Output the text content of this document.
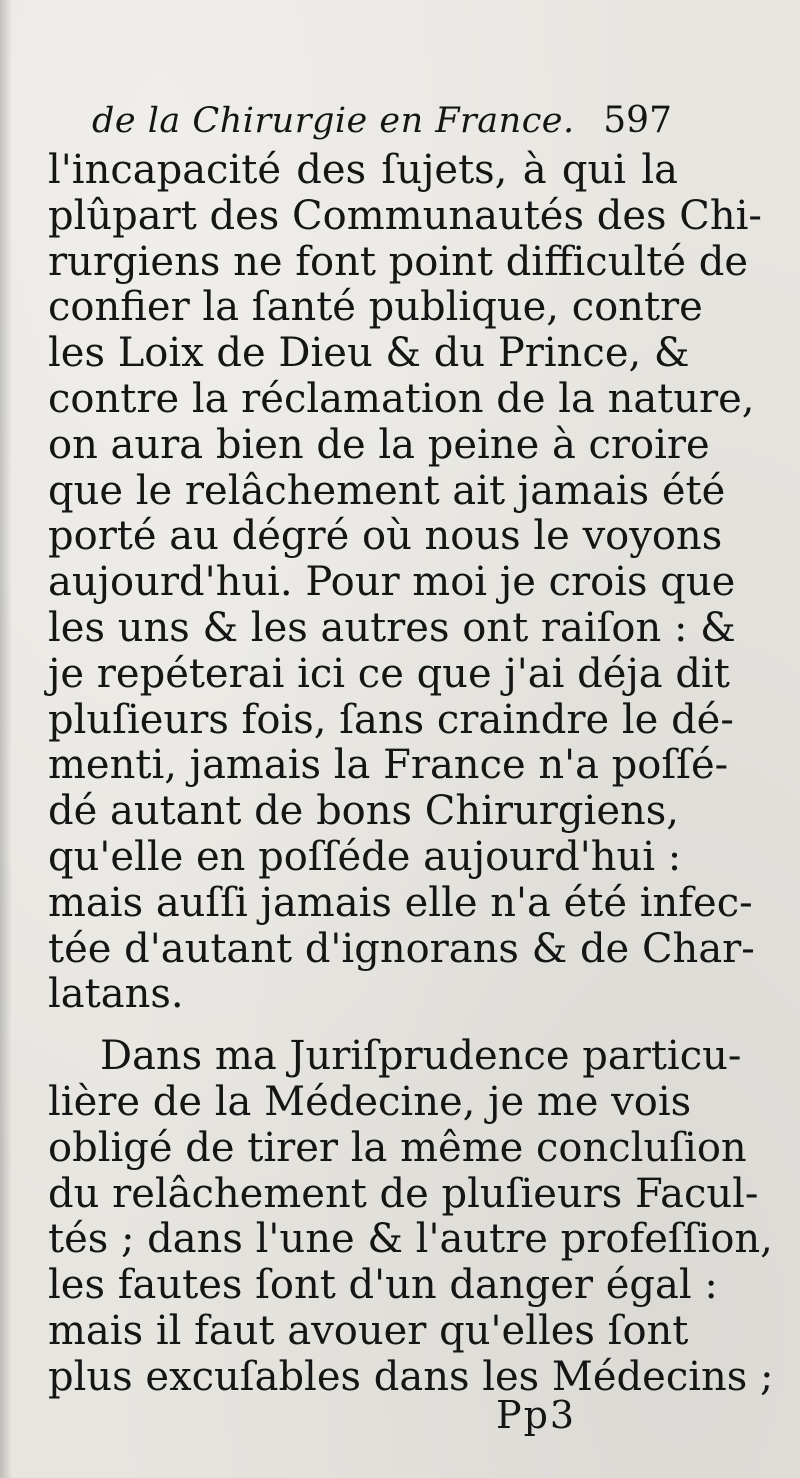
de la Chirurgie en France. 597
l'incapacité des ſujets, à qui la
plûpart des Communautés des Chi-
rurgiens ne font point difficulté de
confier la ſanté publique, contre
les Loix de Dieu & du Prince, &
contre la réclamation de la nature,
on aura bien de la peine à croire
que le relâchement ait jamais été
porté au dégré où nous le voyons
aujourd'hui. Pour moi je crois que
les uns & les autres ont raiſon : &
je repéterai ici ce que j'ai déja dit
pluſieurs fois, ſans craindre le dé-
menti, jamais la France n'a poſſé-
dé autant de bons Chirurgiens,
qu'elle en poſſéde aujourd'hui :
mais auſſi jamais elle n'a été infec-
tée d'autant d'ignorans & de Char-
latans.
Dans ma Juriſprudence particu-
lière de la Médecine, je me vois
obligé de tirer la même concluſion
du relâchement de pluſieurs Facul-
tés ; dans l'une & l'autre profeſſion,
les fautes ſont d'un danger égal :
mais il faut avouer qu'elles ſont
plus excuſables dans les Médecins ;
Pp3
